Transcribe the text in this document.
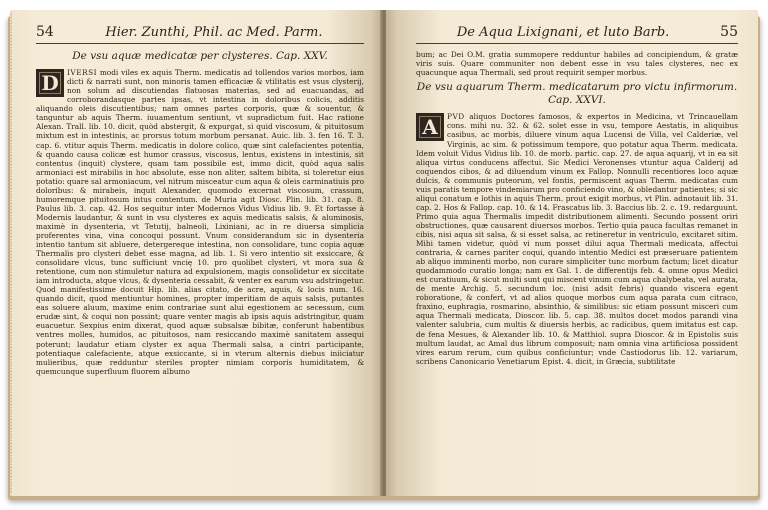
54	Hier. Zunthi, Phil. ac Med. Parm.
De vsu aquæ medicatæ per clysteres. Cap. XXV.

D	IVERSI modi viles ex aquis Therm. medicatis ad tollendos varios morbos, iam dicti & narrati sunt, non minoris tamen efficaciæ & vtilitatis est vsus clysterij, non solum ad discutiendas flatuosas materias, sed ad euacuandas, ad corroborandasque partes ipsas, vt intestina in doloribus colicis, additis aliquando oleis discutientibus; nam omnes partes corporis, quæ & souentur, & tanguntur ab aquis Therm. iuuamentum sentiunt, vt supradictum fuit. Hac ratione Alexan. Trall. lib. 10. dicit, quòd abstergit, & expurgat, si quid viscosum, & pituitosum mixtum est in intestinis, ac prorsus totum morbum persanat. Auic. lib. 3. fen 16. T. 3. cap. 6. vtitur aquis Therm. medicatis in dolore colico, quæ sint calefacientes potentia, & quando causa colicæ est humor crassus, viscosus, lentus, existens in intestinis, sit contentus (inquit) clystere, quam tam possibile est, immo dicit, quòd aqua salis armoniaci est mirabilis in hoc absolute, esse non aliter, saltem bibita, si toleretur eius potatio: quare sal armoniacum, vel nitrum misceatur cum aqua & oleis carminatiuis pro doloribus: & mirabeis, inquit Alexander, quomodo excernat viscosum, crassum, humoremque pituitosum intus contentum. de Muria agit Diosc. Plin. lib. 31. cap. 8. Paulus lib. 3. cap. 42. Hos sequitur inter Modernos Vidus Vidius lib. 9. Et fortasse à Modernis laudantur, & sunt in vsu clysteres ex aquis medicatis salsis, & aluminosis, maximè in dysenteria, vt Tetutij, balneoli, Lixiniani, ac in re diuersa simplicia proferentes vina, vina concoqui possunt. Vnum considerandum sic in dysenteria intentio tantum sit abluere, detergereque intestina, non consolidare, tunc copia aquæ Thermalis pro clysteri debet esse magna, ad lib. 1. Si vero intentio sit exsiccare, & consolidare vlcus, tunc sufficiunt vncię 10. pro quolibet clysteri, vt mora sua & retentione, cum non stimuletur natura ad expulsionem, magis consolidetur ex siccitate iam introducta, atque vlcus, & dysenteria cessabit, & venter ex earum vsu adstringetur. Quod manifestissime docuit Hip. lib. alias citato, de acre, aquis, & locis num. 16. quando dicit, quod mentiuntur homines, propter imperitiam de aquis salsis, putantes eas soluere aluum, maxime enim contrariae sunt alui egestionem ac secessum, cum erudæ sint, & coqui non possint; quare venter magis ab ipsis aquis adstringitur, quam euacuetur. Sexpius enim dixerat, quod aquæ subsalsæ bibitæ, conferunt habentibus ventres molles, humidos, ac pituitosos, nam resiccando maximè sanitatem assequi poterunt; laudatur etiam clyster ex aqua Thermali salsa, a cintri participante, potentiaque calefaciente, atque exsiccante, si in vterum alternis diebus iniiciatur mulieribus, quæ redduntur steriles propter nimiam corporis humiditatem, & quemcunque superfluum fluorem albumo

De Aqua Lixignani, et luto Barb.	55

bum; ac Dei O.M. gratia summopere redduntur habiles ad concipiendum, & gratæ viris suis. Quare communiter non debent esse in vsu tales clysteres, nec ex quacunque aqua Thermali, sed prout requirit semper morbus.

De vsu aquarum Therm. medicatarum pro victu infirmorum. Cap. XXVI.

A	PVD aliquos Doctores famosos, & expertos in Medicina, vt Trincauellam cons. mihi nu. 32. & 62. solet esse in vsu, tempore Aestatis, in aliquibus casibus, ac morbis, diluere vinum aqua Lucensi de Villa, vel Calderiæ, vel Virginis, ac sim. & potissimum tempore, quo potatur aqua Therm. medicata. Idem voluit Vidus Vidius lib. 10. de morb. partic. cap. 27. de aqua aquarij, vt in ea sit aliqua virtus conducens affectui. Sic Medici Veronenses vtuntur aqua Calderij ad coquendos cibos, & ad diluendum vinum ex Fallop. Nonnulli recentiores loco aquæ dulcis, & communis puteorum, vel fontis, permiscent aquas Therm. medicatas cum vuis paratis tempore vindemiarum pro conficiendo vino, & obledantur patientes; si sic aliqui conatum e lothis in aquis Therm. prout exigit morbus, vt Plin. adnotauit lib. 31. cap. 2. Hos & Fallop. cap. 10. & 14. Frascatus lib. 3. Baccius lib. 2. c. 19. redarguunt. Primo quia aqua Thermalis impedit distributionem alimenti. Secundo possent oriri obstructiones, quæ causarent diuersos morbos. Tertio quia pauca facultas remanet in cibis, nisi aqua sit salsa, & si esset salsa, ac retineretur in ventriculo, excitaret sitim. Mihi tamen videtur, quòd vi num posset dilui aqua Thermali medicata, affectui contraria, & carnes pariter coqui, quando intentio Medici est præseruare patientem ab aliquo imminenti morbo, non curare simpliciter tunc morbum factum; licet dicatur quodammodo curatio longa; nam ex Gal. 1. de differentijs feb. 4. omne opus Medici est curatiuum, & sicut multi sunt qui miscent vinum cum aqua chalybeata, vel aurata, de mente Archig. 5. secundum loc. (nisi adsit febris) quando viscera egent roboratione, & confert, vt ad alios quoque morbos cum aqua parata cum citraco, fraxino, euphragia, rosmarino, absinthio, & similibus: sic etiam possunt misceri cum aqua Thermali medicata, Dioscor. lib. 5. cap. 38. multos docet modos parandi vina valenter salubria, cum multis & diuersis herbis, ac radicibus, quem imitatus est cap. de fena Mesues, & Alexander lib. 10. & Matthiol. supra Dioscor. & in Epistolis suis multum laudat, ac Amal dus librum composuit; nam omnia vina artificiosa possident vires earum rerum, cum quibus conficiuntur; vnde Castiodorus lib. 12. variarum, scribens Canonicario Venetiarum Epist. 4. dicit, in Græcia, subtilitate
